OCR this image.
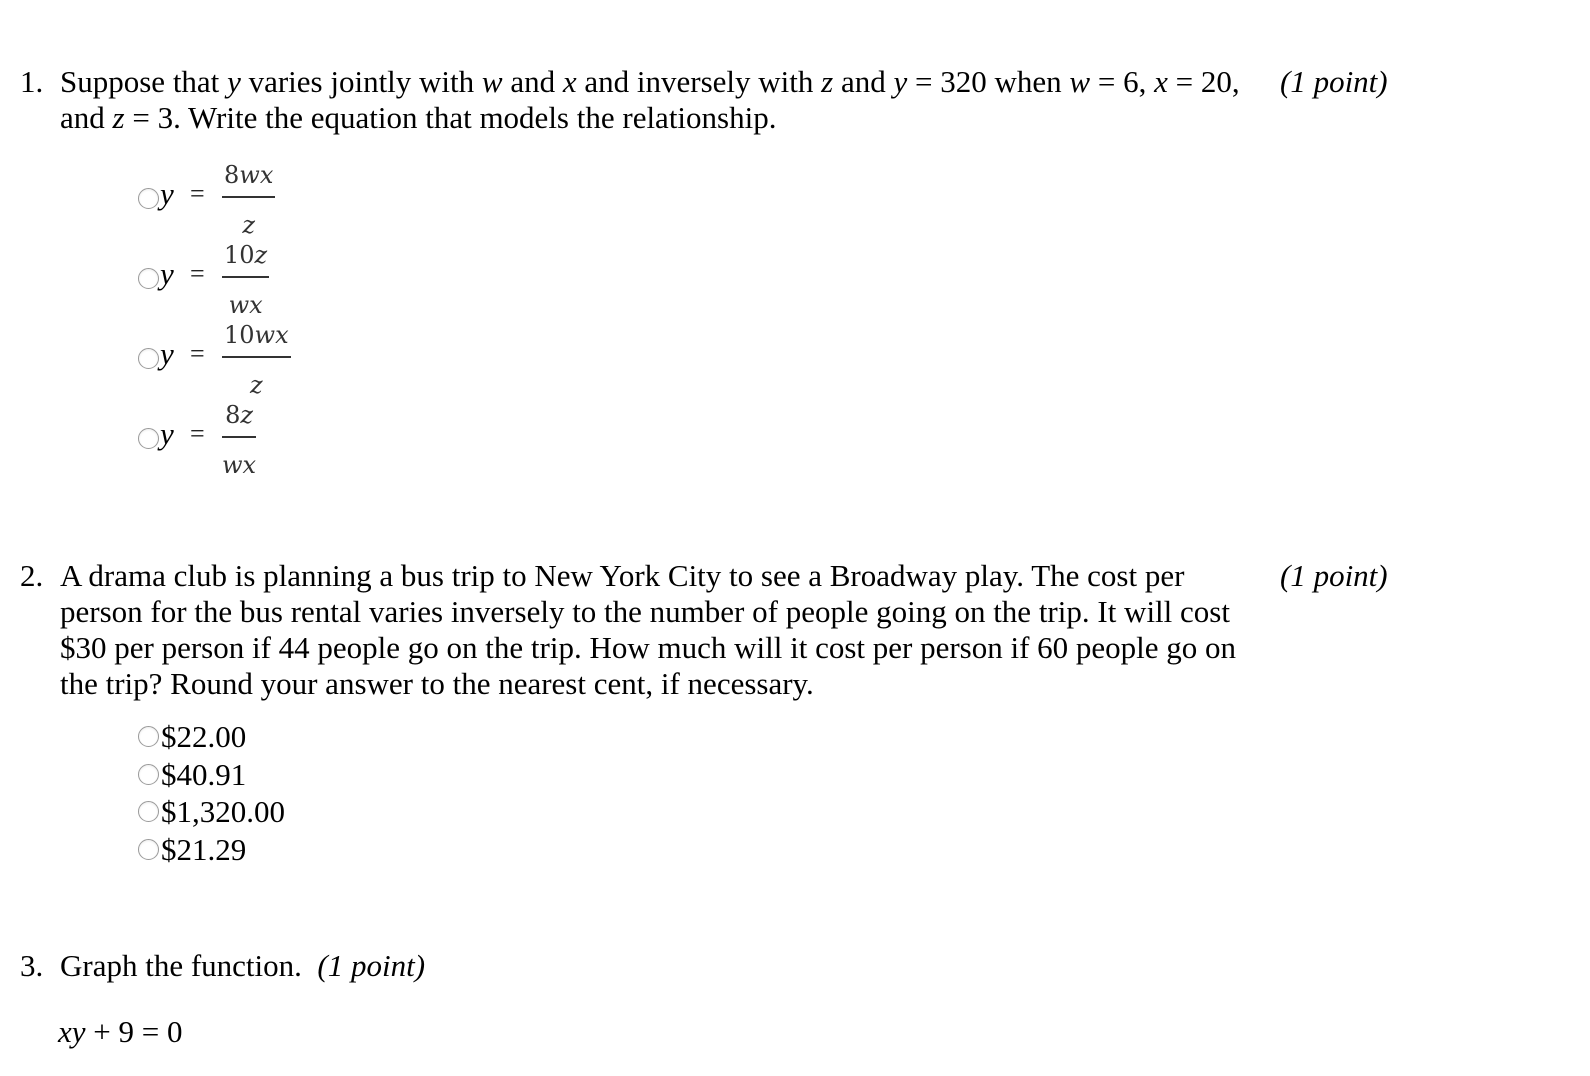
1. Suppose that y varies jointly with w and x and inversely with z and y = 320 when w = 6, x = 20,
and z = 3. Write the equation that models the relationship.
(1 point)
y =
8wx
z
y =
10z
wx
y =
10wx
z
y =
8z
wx
2. A drama club is planning a bus trip to New York City to see a Broadway play. The cost per
person for the bus rental varies inversely to the number of people going on the trip. It will cost
$30 per person if 44 people go on the trip. How much will it cost per person if 60 people go on
the trip? Round your answer to the nearest cent, if necessary.
(1 point)
$22.00
$40.91
$1,320.00
$21.29
3. Graph the function. (1 point)
xy + 9 = 0
